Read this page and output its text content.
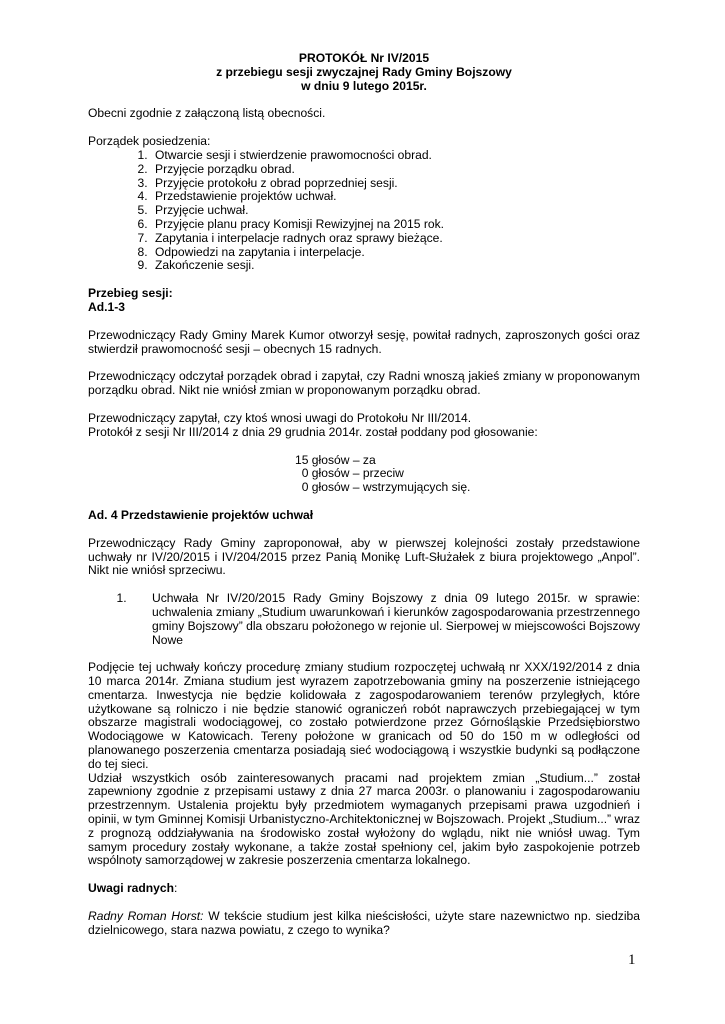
PROTOKÓŁ Nr IV/2015

z przebiegu sesji zwyczajnej Rady Gminy Bojszowy

w dniu 9 lutego 2015r.

Obecni zgodnie z załączoną listą obecności.

Porządek posiedzenia:

1. Otwarcie sesji i stwierdzenie prawomocności obrad.
2. Przyjęcie porządku obrad.
3. Przyjęcie protokołu z obrad poprzedniej sesji.
4. Przedstawienie projektów uchwał.
5. Przyjęcie uchwał.
6. Przyjęcie planu pracy Komisji Rewizyjnej na 2015 rok.
7. Zapytania i interpelacje radnych oraz sprawy bieżące.
8. Odpowiedzi na zapytania i interpelacje.
9. Zakończenie sesji.

Przebieg sesji:

Ad.1-3

Przewodniczący Rady Gminy Marek Kumor otworzył sesję, powitał radnych, zaproszonych gości oraz stwierdził prawomocność sesji – obecnych 15 radnych.

Przewodniczący odczytał porządek obrad i zapytał, czy Radni wnoszą jakieś zmiany w proponowanym porządku obrad. Nikt nie wniósł zmian w proponowanym porządku obrad.

Przewodniczący zapytał, czy ktoś wnosi uwagi do Protokołu Nr III/2014.

Protokół z sesji Nr III/2014 z dnia 29 grudnia 2014r. został poddany pod głosowanie:

15 głosów – za

0 głosów – przeciw

0 głosów – wstrzymujących się.

Ad. 4 Przedstawienie projektów uchwał

Przewodniczący Rady Gminy zaproponował, aby w pierwszej kolejności zostały przedstawione uchwały nr IV/20/2015 i IV/204/2015 przez Panią Monikę Luft-Służałek z biura projektowego „Anpol”. Nikt nie wniósł sprzeciwu.

1. Uchwała Nr IV/20/2015 Rady Gminy Bojszowy z dnia 09 lutego 2015r. w sprawie: uchwalenia zmiany „Studium uwarunkowań i kierunków zagospodarowania przestrzennego gminy Bojszowy” dla obszaru położonego w rejonie ul. Sierpowej w miejscowości Bojszowy Nowe

Podjęcie tej uchwały kończy procedurę zmiany studium rozpoczętej uchwałą nr XXX/192/2014 z dnia 10 marca 2014r. Zmiana studium jest wyrazem zapotrzebowania gminy na poszerzenie istniejącego cmentarza. Inwestycja nie będzie kolidowała z zagospodarowaniem terenów przyległych, które użytkowane są rolniczo i nie będzie stanowić ograniczeń robót naprawczych przebiegającej w tym obszarze magistrali wodociągowej, co zostało potwierdzone przez Górnośląskie Przedsiębiorstwo Wodociągowe w Katowicach. Tereny położone w granicach od 50 do 150 m w odległości od planowanego poszerzenia cmentarza posiadają sieć wodociągową i wszystkie budynki są podłączone do tej sieci.

Udział wszystkich osób zainteresowanych pracami nad projektem zmian „Studium...” został zapewniony zgodnie z przepisami ustawy z dnia 27 marca 2003r. o planowaniu i zagospodarowaniu przestrzennym. Ustalenia projektu były przedmiotem wymaganych przepisami prawa uzgodnień i opinii, w tym Gminnej Komisji Urbanistyczno-Architektonicznej w Bojszowach. Projekt „Studium...” wraz z prognozą oddziaływania na środowisko został wyłożony do wglądu, nikt nie wniósł uwag. Tym samym procedury zostały wykonane, a także został spełniony cel, jakim było zaspokojenie potrzeb wspólnoty samorządowej w zakresie poszerzenia cmentarza lokalnego.

Uwagi radnych:

Radny Roman Horst: W tekście studium jest kilka nieścisłości, użyte stare nazewnictwo np. siedziba dzielnicowego, stara nazwa powiatu, z czego to wynika?

1
